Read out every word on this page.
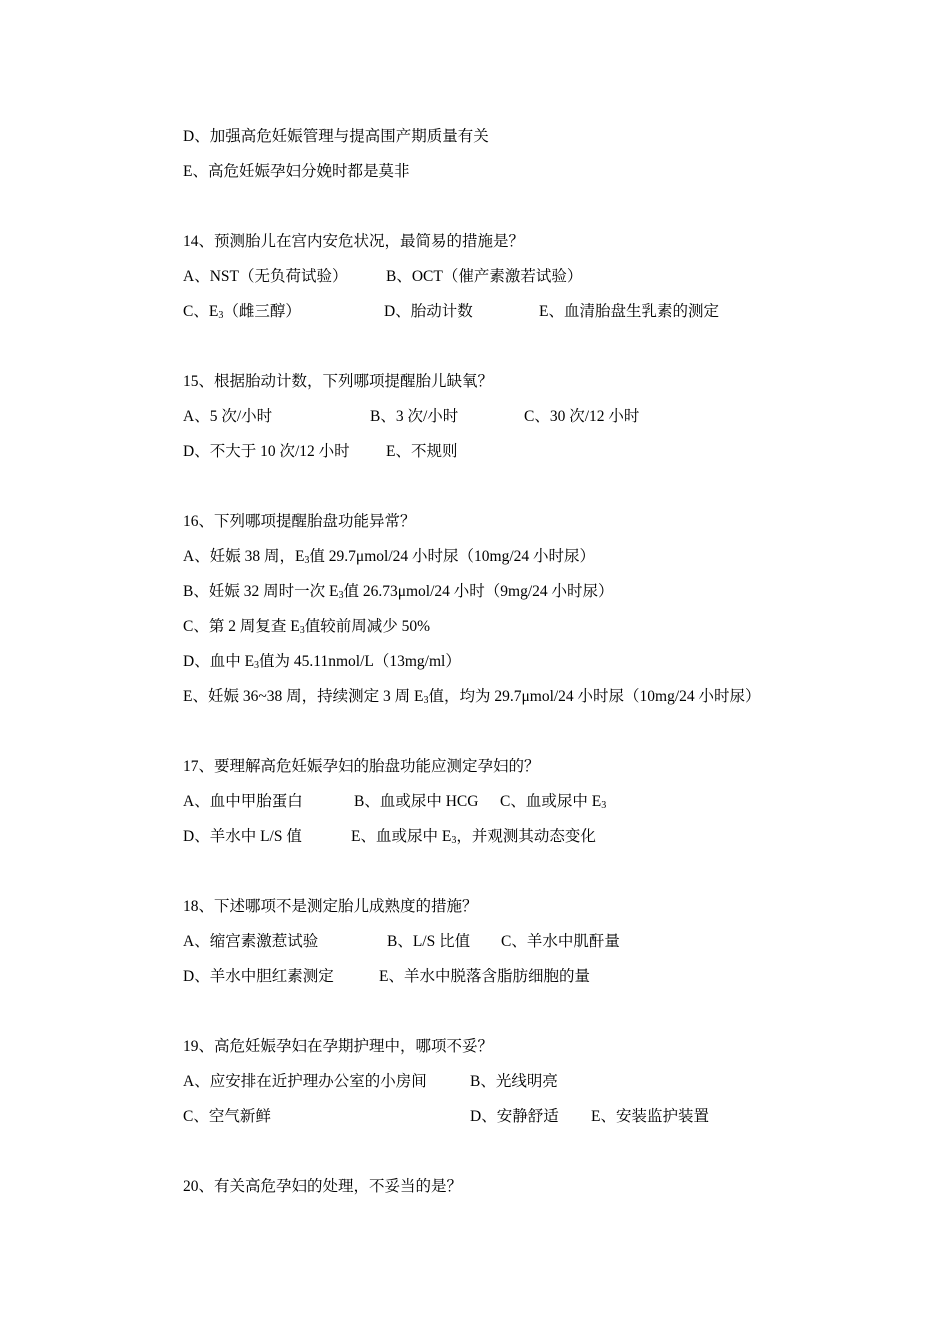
D、加强高危妊娠管理与提高围产期质量有关
E、高危妊娠孕妇分娩时都是莫非
14、预测胎儿在宫内安危状况，最简易的措施是？
A、NST（无负荷试验） B、OCT（催产素激若试验）
C、$E_3$（雌三醇）	D、胎动计数	E、血清胎盘生乳素的测定
15、根据胎动计数，下列哪项提醒胎儿缺氧？
A、5 次/小时	B、3 次/小时	C、30 次/12 小时
D、不大于 10 次/12 小时 E、不规则
16、下列哪项提醒胎盘功能异常？
A、妊娠 38 周，$E_3$值 29.7μmol/24 小时尿（10mg/24 小时尿）
B、妊娠 32 周时一次 $E_3$值 26.73μmol/24 小时（9mg/24 小时尿）
C、第 2 周复查 $E_3$值较前周减少 50%
D、血中 $E_3$值为 45.11nmol/L（13mg/ml）
E、妊娠 36~38 周，持续测定 3 周 $E_3$值，均为 29.7μmol/24 小时尿（10mg/24 小时尿）
17、要理解高危妊娠孕妇的胎盘功能应测定孕妇的？
A、血中甲胎蛋白	B、血或尿中 HCG C、血或尿中 $E_3$
D、羊水中 L/S 值	E、血或尿中 $E_3$，并观测其动态变化
18、下述哪项不是测定胎儿成熟度的措施？
A、缩宫素激惹试验	B、L/S 比值 C、羊水中肌酐量
D、羊水中胆红素测定	E、羊水中脱落含脂肪细胞的量
19、高危妊娠孕妇在孕期护理中，哪项不妥？
A、应安排在近护理办公室的小房间	B、光线明亮
C、空气新鲜	D、安静舒适 E、安装监护装置
20、有关高危孕妇的处理，不妥当的是？
